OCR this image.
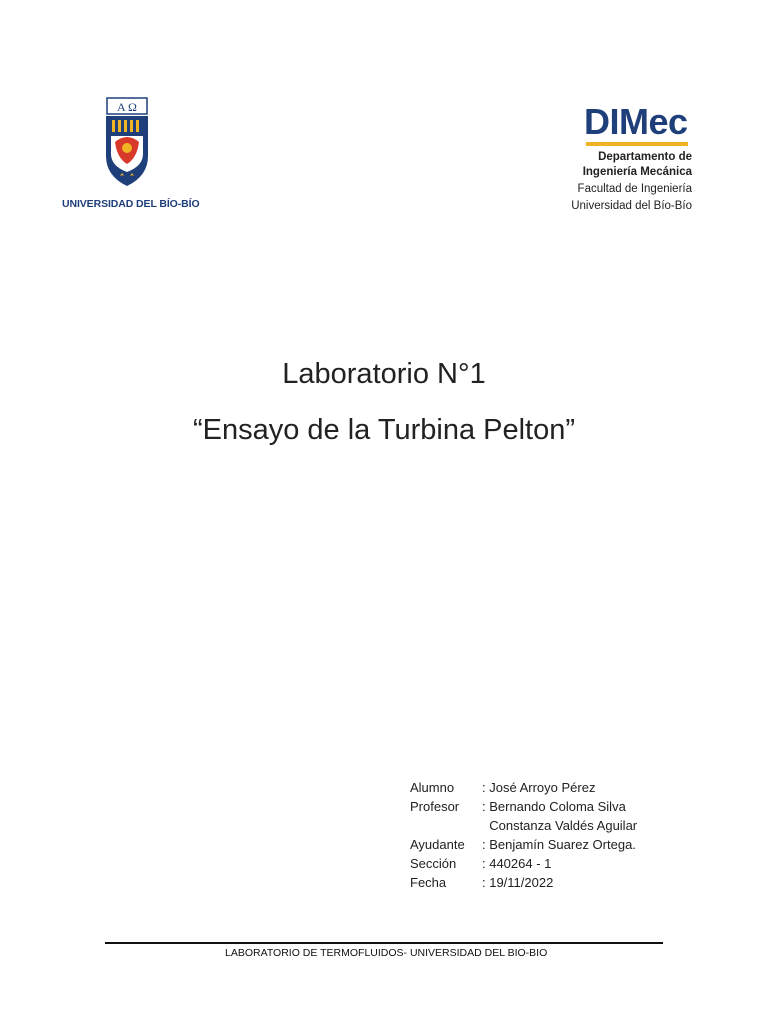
A Ω
UNIVERSIDAD DEL BÍO-BÍO
DIMec
Departamento de
Ingeniería Mecánica
Facultad de Ingeniería
Universidad del Bío-Bío
Laboratorio N°1
“Ensayo de la Turbina Pelton”
Alumno : José Arroyo Pérez
Profesor : Bernando Coloma Silva
Constanza Valdés Aguilar
Ayudante : Benjamín Suarez Ortega.
Sección : 440264 - 1
Fecha	: 19/11/2022
LABORATORIO DE TERMOFLUIDOS- UNIVERSIDAD DEL BIO-BIO
